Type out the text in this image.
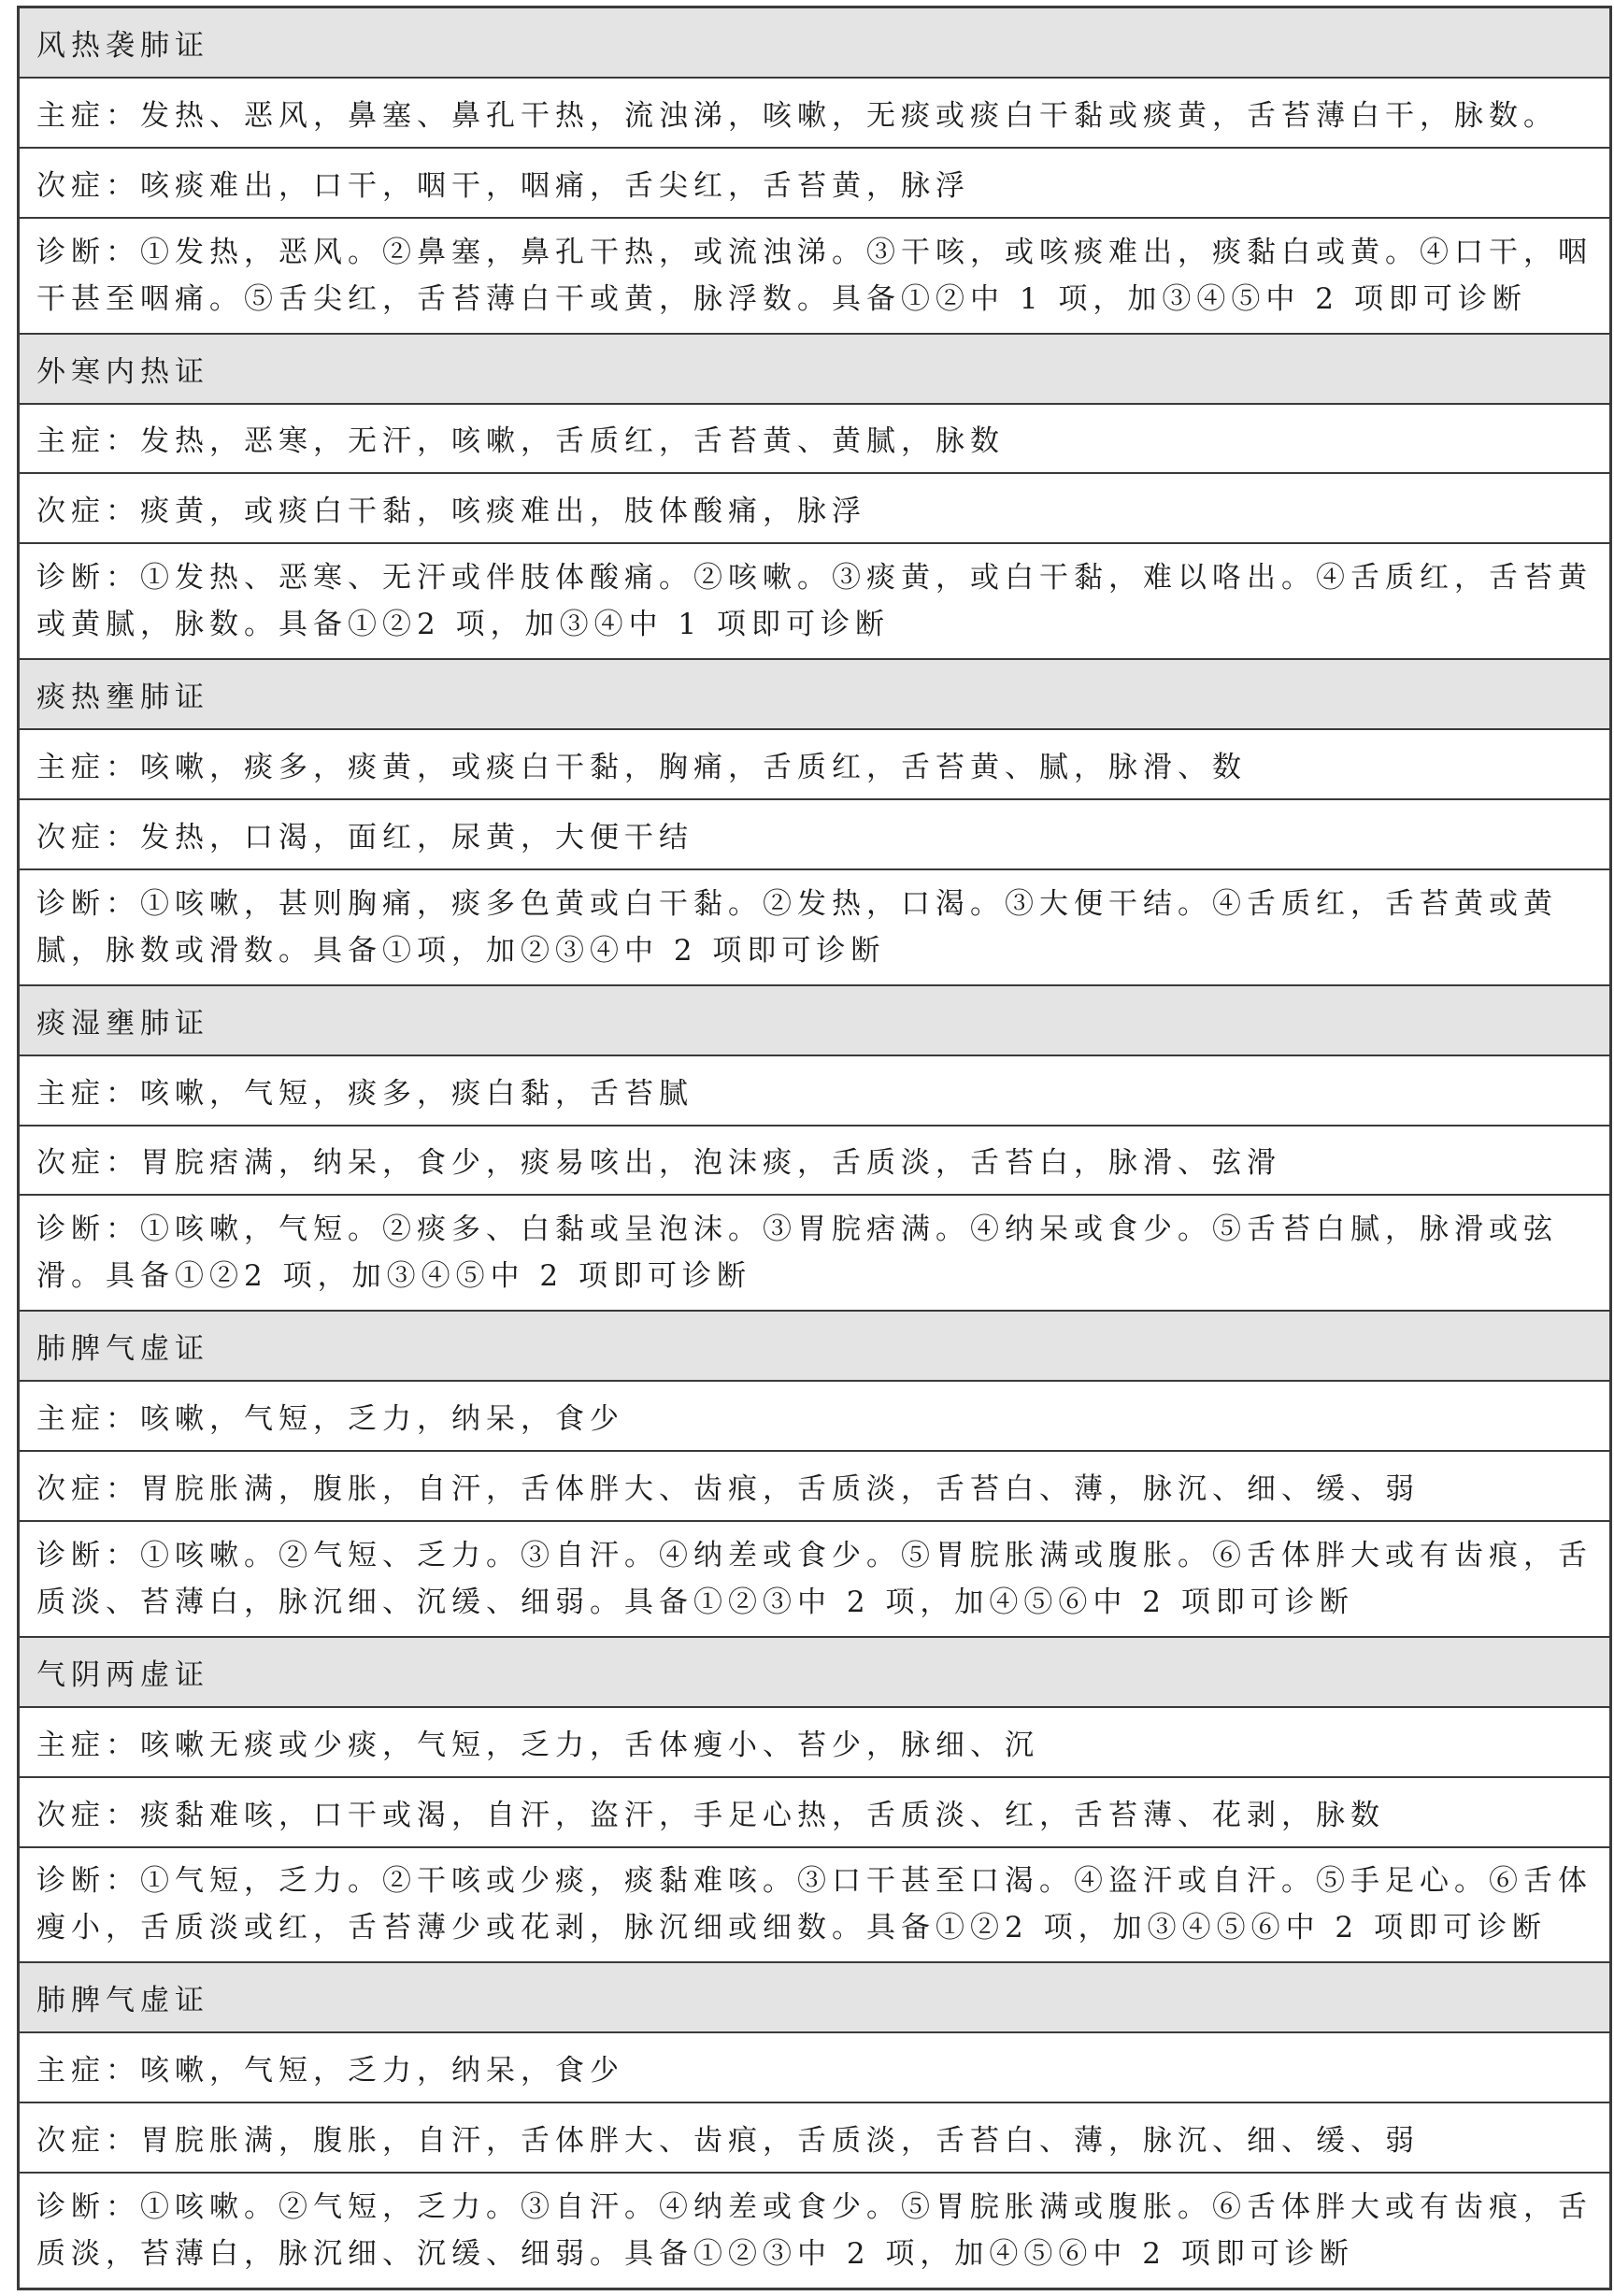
风热袭肺证
主症：发热、恶风，鼻塞、鼻孔干热，流浊涕，咳嗽，无痰或痰白干黏或痰黄，舌苔薄白干，脉数。
次症：咳痰难出，口干，咽干，咽痛，舌尖红，舌苔黄，脉浮
诊断：①发热，恶风。②鼻塞，鼻孔干热，或流浊涕。③干咳，或咳痰难出，痰黏白或黄。④口干，咽干甚至咽痛。⑤舌尖红，舌苔薄白干或黄，脉浮数。具备①②中 1 项，加③④⑤中 2 项即可诊断
外寒内热证
主症：发热，恶寒，无汗，咳嗽，舌质红，舌苔黄、黄腻，脉数
次症：痰黄，或痰白干黏，咳痰难出，肢体酸痛，脉浮
诊断：①发热、恶寒、无汗或伴肢体酸痛。②咳嗽。③痰黄，或白干黏，难以咯出。④舌质红，舌苔黄或黄腻，脉数。具备①②2 项，加③④中 1 项即可诊断
痰热壅肺证
主症：咳嗽，痰多，痰黄，或痰白干黏，胸痛，舌质红，舌苔黄、腻，脉滑、数
次症：发热，口渴，面红，尿黄，大便干结
诊断：①咳嗽，甚则胸痛，痰多色黄或白干黏。②发热，口渴。③大便干结。④舌质红，舌苔黄或黄腻，脉数或滑数。具备①项，加②③④中 2 项即可诊断
痰湿壅肺证
主症：咳嗽，气短，痰多，痰白黏，舌苔腻
次症：胃脘痞满，纳呆，食少，痰易咳出，泡沫痰，舌质淡，舌苔白，脉滑、弦滑
诊断：①咳嗽，气短。②痰多、白黏或呈泡沫。③胃脘痞满。④纳呆或食少。⑤舌苔白腻，脉滑或弦滑。具备①②2 项，加③④⑤中 2 项即可诊断
肺脾气虚证
主症：咳嗽，气短，乏力，纳呆，食少
次症：胃脘胀满，腹胀，自汗，舌体胖大、齿痕，舌质淡，舌苔白、薄，脉沉、细、缓、弱
诊断：①咳嗽。②气短、乏力。③自汗。④纳差或食少。⑤胃脘胀满或腹胀。⑥舌体胖大或有齿痕，舌质淡、苔薄白，脉沉细、沉缓、细弱。具备①②③中 2 项，加④⑤⑥中 2 项即可诊断
气阴两虚证
主症：咳嗽无痰或少痰，气短，乏力，舌体瘦小、苔少，脉细、沉
次症：痰黏难咳，口干或渴，自汗，盗汗，手足心热，舌质淡、红，舌苔薄、花剥，脉数
诊断：①气短，乏力。②干咳或少痰，痰黏难咳。③口干甚至口渴。④盗汗或自汗。⑤手足心。⑥舌体瘦小，舌质淡或红，舌苔薄少或花剥，脉沉细或细数。具备①②2 项，加③④⑤⑥中 2 项即可诊断
肺脾气虚证
主症：咳嗽，气短，乏力，纳呆，食少
次症：胃脘胀满，腹胀，自汗，舌体胖大、齿痕，舌质淡，舌苔白、薄，脉沉、细、缓、弱
诊断：①咳嗽。②气短，乏力。③自汗。④纳差或食少。⑤胃脘胀满或腹胀。⑥舌体胖大或有齿痕，舌质淡，苔薄白，脉沉细、沉缓、细弱。具备①②③中 2 项，加④⑤⑥中 2 项即可诊断
